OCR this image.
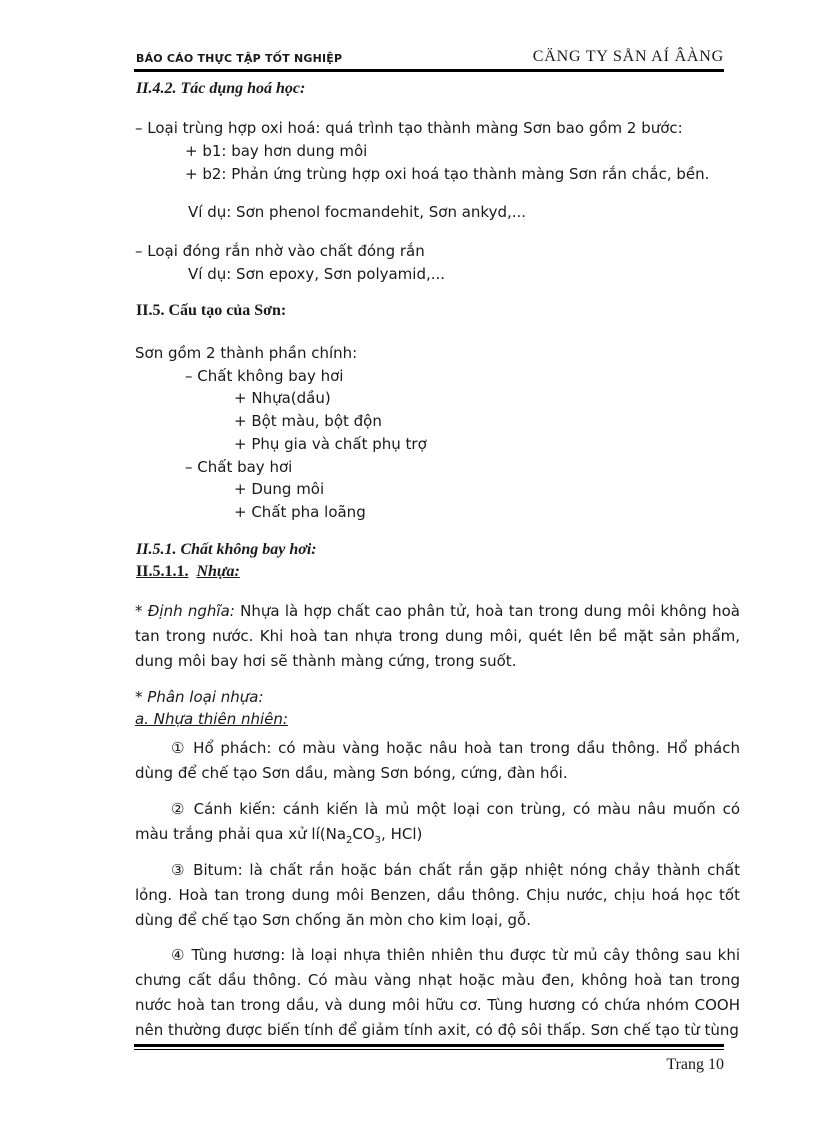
BÁO CÁO THỰC TẬP TỐT NGHIỆP	CÄNG TY SÅN AÍ ÂÀNG
II.4.2. Tác dụng hoá học:
– Loại trùng hợp oxi hoá: quá trình tạo thành màng Sơn bao gồm 2 bước:
+ b1: bay hơn dung môi
+ b2: Phản ứng trùng hợp oxi hoá tạo thành màng Sơn rắn chắc, bền.
Ví dụ: Sơn phenol focmandehit, Sơn ankyd,...
– Loại đóng rắn nhờ vào chất đóng rắn
Ví dụ: Sơn epoxy, Sơn polyamid,...
II.5. Cấu tạo của Sơn:
Sơn gồm 2 thành phần chính:
– Chất không bay hơi
+ Nhựa(dầu)
+ Bột màu, bột độn
+ Phụ gia và chất phụ trợ
– Chất bay hơi
+ Dung môi
+ Chất pha loãng
II.5.1. Chất không bay hơi:
II.5.1.1. Nhựa:
* Định nghĩa: Nhựa là hợp chất cao phân tử, hoà tan trong dung môi không hoà tan trong nước. Khi hoà tan nhựa trong dung môi, quét lên bề mặt sản phẩm, dung môi bay hơi sẽ thành màng cứng, trong suốt.
* Phân loại nhựa:
a. Nhựa thiên nhiên:
① Hổ phách: có màu vàng hoặc nâu hoà tan trong dầu thông. Hổ phách dùng để chế tạo Sơn dầu, màng Sơn bóng, cứng, đàn hồi.
② Cánh kiến: cánh kiến là mủ một loại con trùng, có màu nâu muốn có màu trắng phải qua xử $lí(Na_2CO_3$, HCl)
③ Bitum: là chất rắn hoặc bán chất rắn gặp nhiệt nóng chảy thành chất lỏng. Hoà tan trong dung môi Benzen, dầu thông. Chịu nước, chịu hoá học tốt dùng để chế tạo Sơn chống ăn mòn cho kim loại, gỗ.
④ Tùng hương: là loại nhựa thiên nhiên thu được từ mủ cây thông sau khi chưng cất dầu thông. Có màu vàng nhạt hoặc màu đen, không hoà tan trong nước hoà tan trong dầu, và dung môi hữu cơ. Tùng hương có chứa nhóm COOH nên thường được biến tính để giảm tính axit, có độ sôi thấp. Sơn chế tạo từ tùng
Trang 10
